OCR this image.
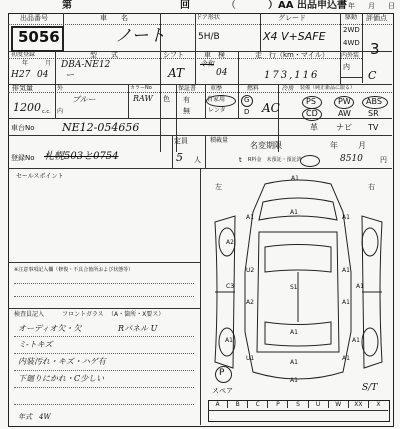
第	回	（	）AA 出品申込書 年 月 日
出品番号
5056
車　　名
ノート
ドア形状
5H/B
グレード
X4 V+SAFE
駆動
2WD
4WD
評価点
3
初度登録
年	月
H27 04
型　　式
DBA-NE12
ー
シフト
AT
車　検
令和
04
走　行（km・マイル）
173,116
内外装
内
C
排気量
1200 c.c.
外
ブルー
内
カラーNo
RAW 色
保証書
有
無
車歴
自家用
レンタ
燃料
G
D
冷房
AC
装備（純正新品に限る）
PS	PW ABS
CD	AW SR
車台No NE12-054656
定員	積載量
革 ナビ TV
登録No 札幌503と0754	5 人	t
名変期限	年	月
R料金　未預託・預託済	8510 円
セールスポイント
※注意事項記入欄（修復・不具合箇所および状態等）
検査員記入	フロントガラス （A・箇所・X要ス）
オーディオ欠・欠	Rパネル U
ミ-トキズ
内装汚れ・キズ・ハゲ有
下廻りにかれ・C少しい
年式　4W
左	右
A1
A1
A1
U2
S1
A1
A2
A1
A1
U1
A1
A1
A1
A1
A1
A1
C3	A1
A2
P
スペア	S/T
A	B	C	P	S	U	W	XX	X
